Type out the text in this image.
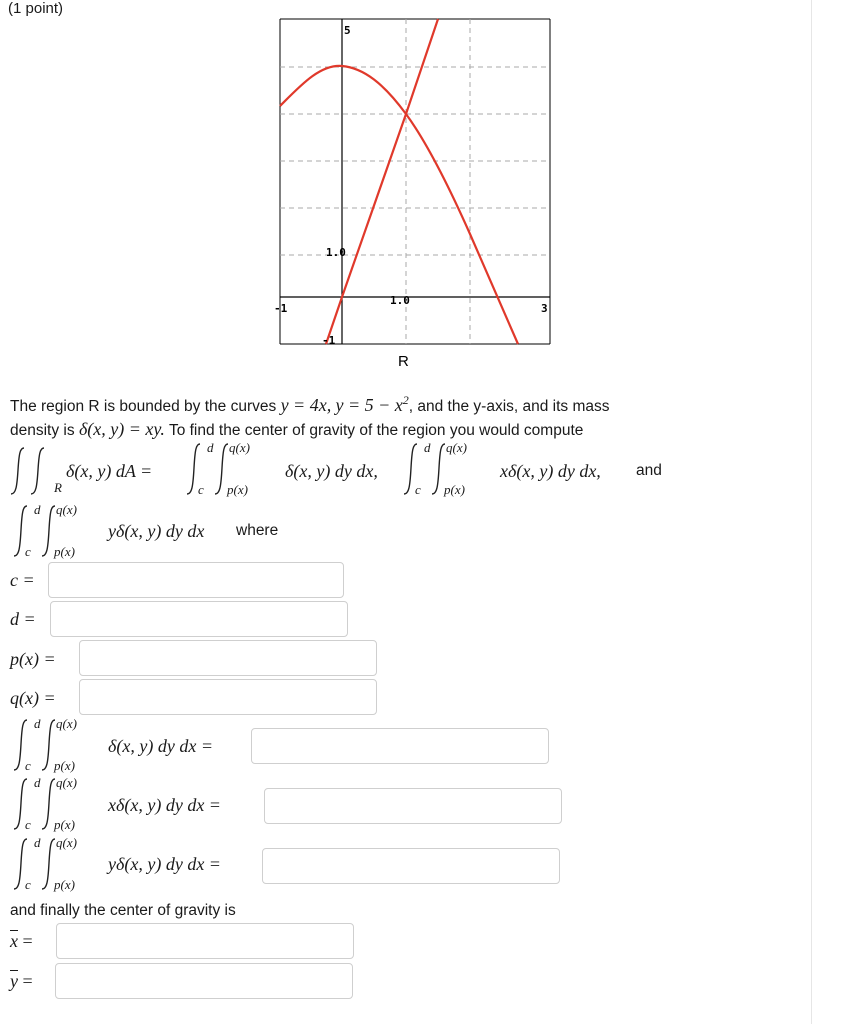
(1 point)
5
1.0
1.0
-1	3
-1
R
The region R is bounded by the curves y = 4x, $y = 5 - x^2$, and the y-axis, and its mass
density is δ(x, y) = xy. To find the center of gravity of the region you would compute
R
δ(x, y) dA =
d
c
q(x)
p(x)
δ(x, y) dy dx,
d
c
q(x)
p(x)
xδ(x, y) dy dx, and
d
c
q(x)
p(x)
yδ(x, y) dy dx where
c =
d =
p(x) =
q(x) =
d
c
q(x)
p(x)
δ(x, y) dy dx =
d
c
q(x)
p(x)
xδ(x, y) dy dx =
d
c
q(x)
p(x)
yδ(x, y) dy dx =
and finally the center of gravity is
$\overline{x}$ =
$\overline{y}$ =
